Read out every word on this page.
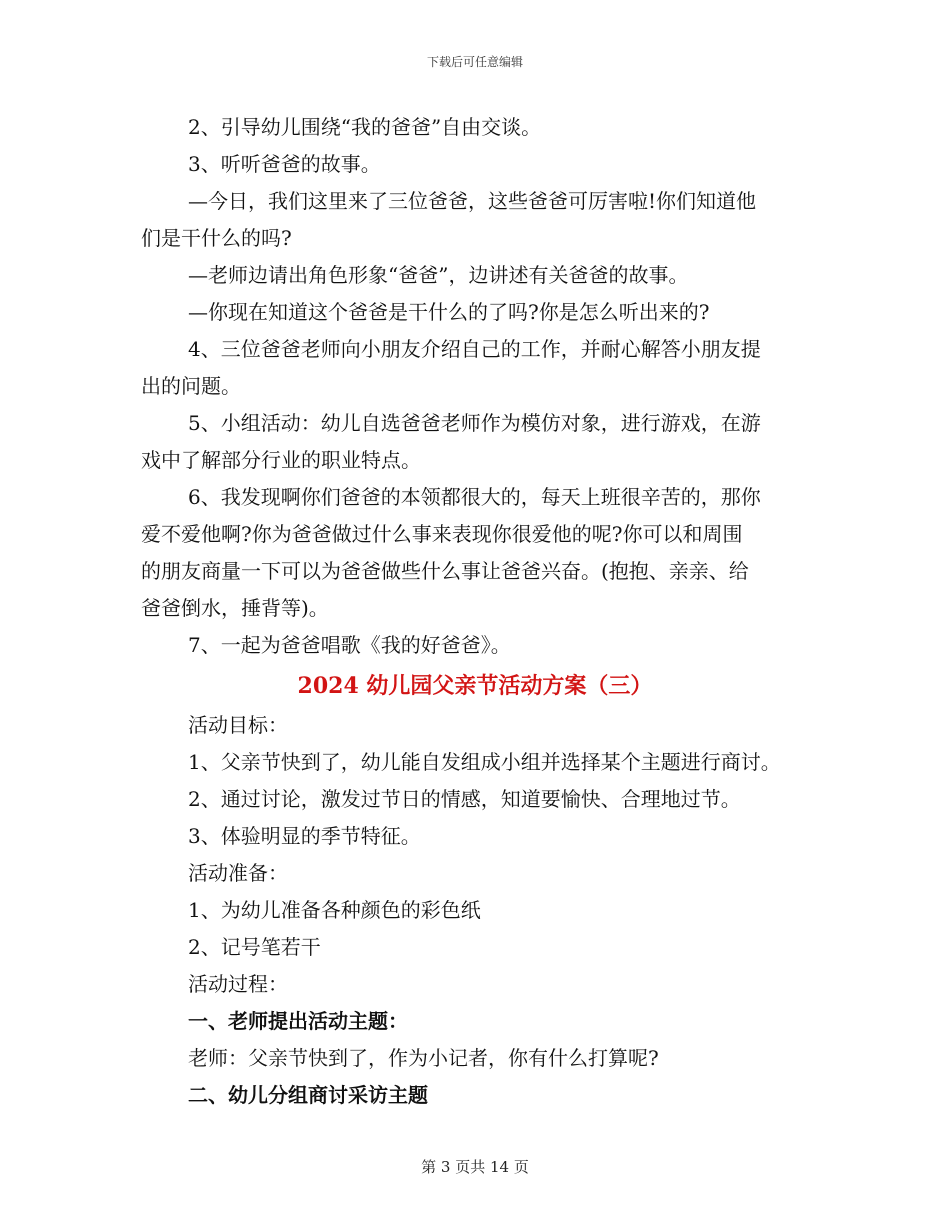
下载后可任意编辑
2、引导幼儿围绕“我的爸爸”自由交谈。
3、听听爸爸的故事。
—今日，我们这里来了三位爸爸，这些爸爸可厉害啦!你们知道他
们是干什么的吗?
—老师边请出角色形象“爸爸”，边讲述有关爸爸的故事。
—你现在知道这个爸爸是干什么的了吗?你是怎么听出来的?
4、三位爸爸老师向小朋友介绍自己的工作，并耐心解答小朋友提
出的问题。
5、小组活动：幼儿自选爸爸老师作为模仿对象，进行游戏，在游
戏中了解部分行业的职业特点。
6、我发现啊你们爸爸的本领都很大的，每天上班很辛苦的，那你
爱不爱他啊?你为爸爸做过什么事来表现你很爱他的呢?你可以和周围
的朋友商量一下可以为爸爸做些什么事让爸爸兴奋。(抱抱、亲亲、给
爸爸倒水，捶背等)。
7、一起为爸爸唱歌《我的好爸爸》。
2024 幼儿园父亲节活动方案（三）
活动目标：
1、父亲节快到了，幼儿能自发组成小组并选择某个主题进行商讨。
2、通过讨论，激发过节日的情感，知道要愉快、合理地过节。
3、体验明显的季节特征。
活动准备：
1、为幼儿准备各种颜色的彩色纸
2、记号笔若干
活动过程：
一、老师提出活动主题：
老师：父亲节快到了，作为小记者，你有什么打算呢?
二、幼儿分组商讨采访主题
第 3 页共 14 页
